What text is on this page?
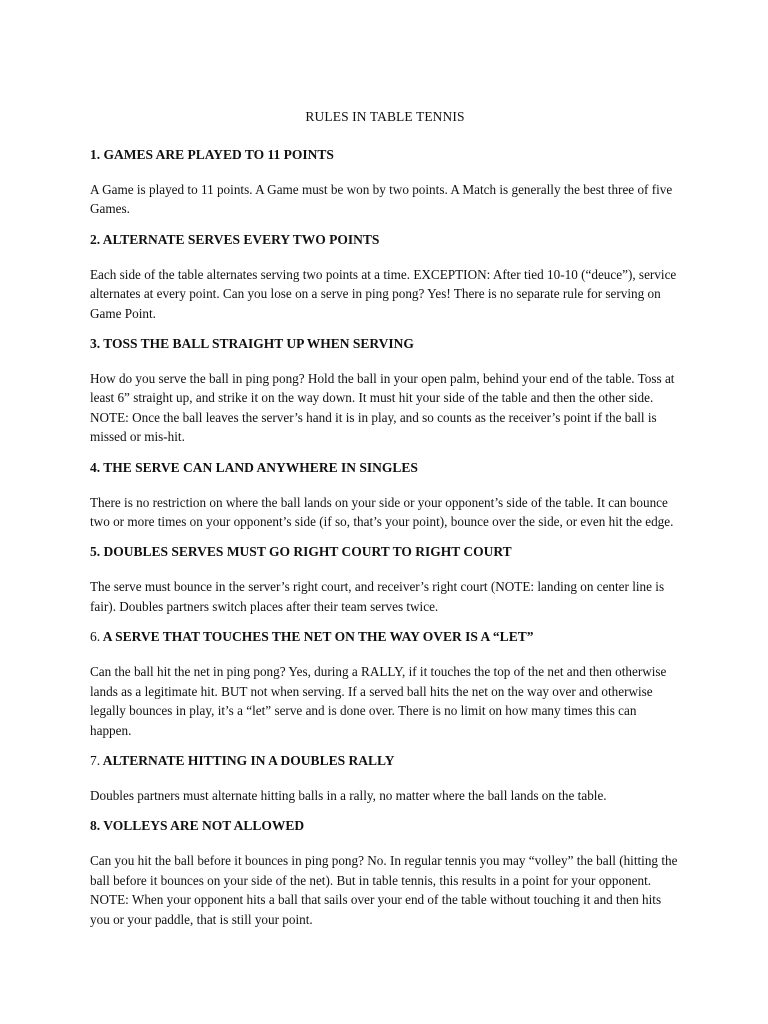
RULES IN TABLE TENNIS
1. GAMES ARE PLAYED TO 11 POINTS
A Game is played to 11 points. A Game must be won by two points. A Match is generally the best three of five Games.
2. ALTERNATE SERVES EVERY TWO POINTS
Each side of the table alternates serving two points at a time. EXCEPTION: After tied 10-10 (“deuce”), service alternates at every point. Can you lose on a serve in ping pong? Yes! There is no separate rule for serving on Game Point.
3. TOSS THE BALL STRAIGHT UP WHEN SERVING
How do you serve the ball in ping pong? Hold the ball in your open palm, behind your end of the table. Toss at least 6” straight up, and strike it on the way down. It must hit your side of the table and then the other side. NOTE: Once the ball leaves the server’s hand it is in play, and so counts as the receiver’s point if the ball is missed or mis-hit.
4. THE SERVE CAN LAND ANYWHERE IN SINGLES
There is no restriction on where the ball lands on your side or your opponent’s side of the table. It can bounce two or more times on your opponent’s side (if so, that’s your point), bounce over the side, or even hit the edge.
5. DOUBLES SERVES MUST GO RIGHT COURT TO RIGHT COURT
The serve must bounce in the server’s right court, and receiver’s right court (NOTE: landing on center line is fair). Doubles partners switch places after their team serves twice.
6. A SERVE THAT TOUCHES THE NET ON THE WAY OVER IS A “LET”
Can the ball hit the net in ping pong? Yes, during a RALLY, if it touches the top of the net and then otherwise lands as a legitimate hit. BUT not when serving. If a served ball hits the net on the way over and otherwise legally bounces in play, it’s a “let” serve and is done over. There is no limit on how many times this can happen.
7. ALTERNATE HITTING IN A DOUBLES RALLY
Doubles partners must alternate hitting balls in a rally, no matter where the ball lands on the table.
8. VOLLEYS ARE NOT ALLOWED
Can you hit the ball before it bounces in ping pong? No. In regular tennis you may “volley” the ball (hitting the ball before it bounces on your side of the net). But in table tennis, this results in a point for your opponent. NOTE: When your opponent hits a ball that sails over your end of the table without touching it and then hits you or your paddle, that is still your point.
